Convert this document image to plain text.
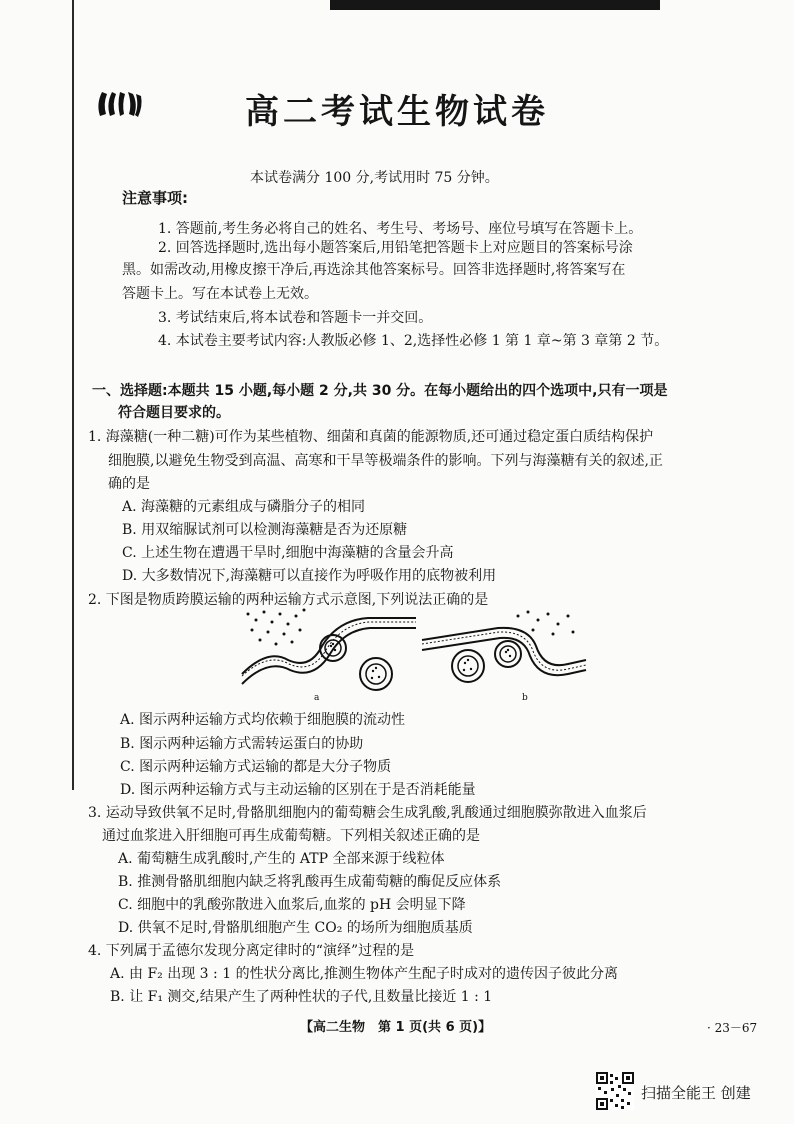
高二考试生物试卷
本试卷满分 100 分,考试用时 75 分钟。
注意事项:
1. 答题前,考生务必将自己的姓名、考生号、考场号、座位号填写在答题卡上。
2. 回答选择题时,选出每小题答案后,用铅笔把答题卡上对应题目的答案标号涂
黑。如需改动,用橡皮擦干净后,再选涂其他答案标号。回答非选择题时,将答案写在
答题卡上。写在本试卷上无效。
3. 考试结束后,将本试卷和答题卡一并交回。
4. 本试卷主要考试内容:人教版必修 1、2,选择性必修 1 第 1 章~第 3 章第 2 节。
一、选择题:本题共 15 小题,每小题 2 分,共 30 分。在每小题给出的四个选项中,只有一项是
符合题目要求的。
1. 海藻糖(一种二糖)可作为某些植物、细菌和真菌的能源物质,还可通过稳定蛋白质结构保护
细胞膜,以避免生物受到高温、高寒和干旱等极端条件的影响。下列与海藻糖有关的叙述,正
确的是
A. 海藻糖的元素组成与磷脂分子的相同
B. 用双缩脲试剂可以检测海藻糖是否为还原糖
C. 上述生物在遭遇干旱时,细胞中海藻糖的含量会升高
D. 大多数情况下,海藻糖可以直接作为呼吸作用的底物被利用
2. 下图是物质跨膜运输的两种运输方式示意图,下列说法正确的是
a	b
A. 图示两种运输方式均依赖于细胞膜的流动性
B. 图示两种运输方式需转运蛋白的协助
C. 图示两种运输方式运输的都是大分子物质
D. 图示两种运输方式与主动运输的区别在于是否消耗能量
3. 运动导致供氧不足时,骨骼肌细胞内的葡萄糖会生成乳酸,乳酸通过细胞膜弥散进入血浆后
通过血浆进入肝细胞可再生成葡萄糖。下列相关叙述正确的是
A. 葡萄糖生成乳酸时,产生的 ATP 全部来源于线粒体
B. 推测骨骼肌细胞内缺乏将乳酸再生成葡萄糖的酶促反应体系
C. 细胞中的乳酸弥散进入血浆后,血浆的 pH 会明显下降
D. 供氧不足时,骨骼肌细胞产生 CO₂ 的场所为细胞质基质
4. 下列属于孟德尔发现分离定律时的“演绎”过程的是
A. 由 F₂ 出现 3 : 1 的性状分离比,推测生物体产生配子时成对的遗传因子彼此分离
B. 让 F₁ 测交,结果产生了两种性状的子代,且数量比接近 1 : 1
【高二生物　第 1 页(共 6 页)】	· 23－67
扫描全能王 创建
